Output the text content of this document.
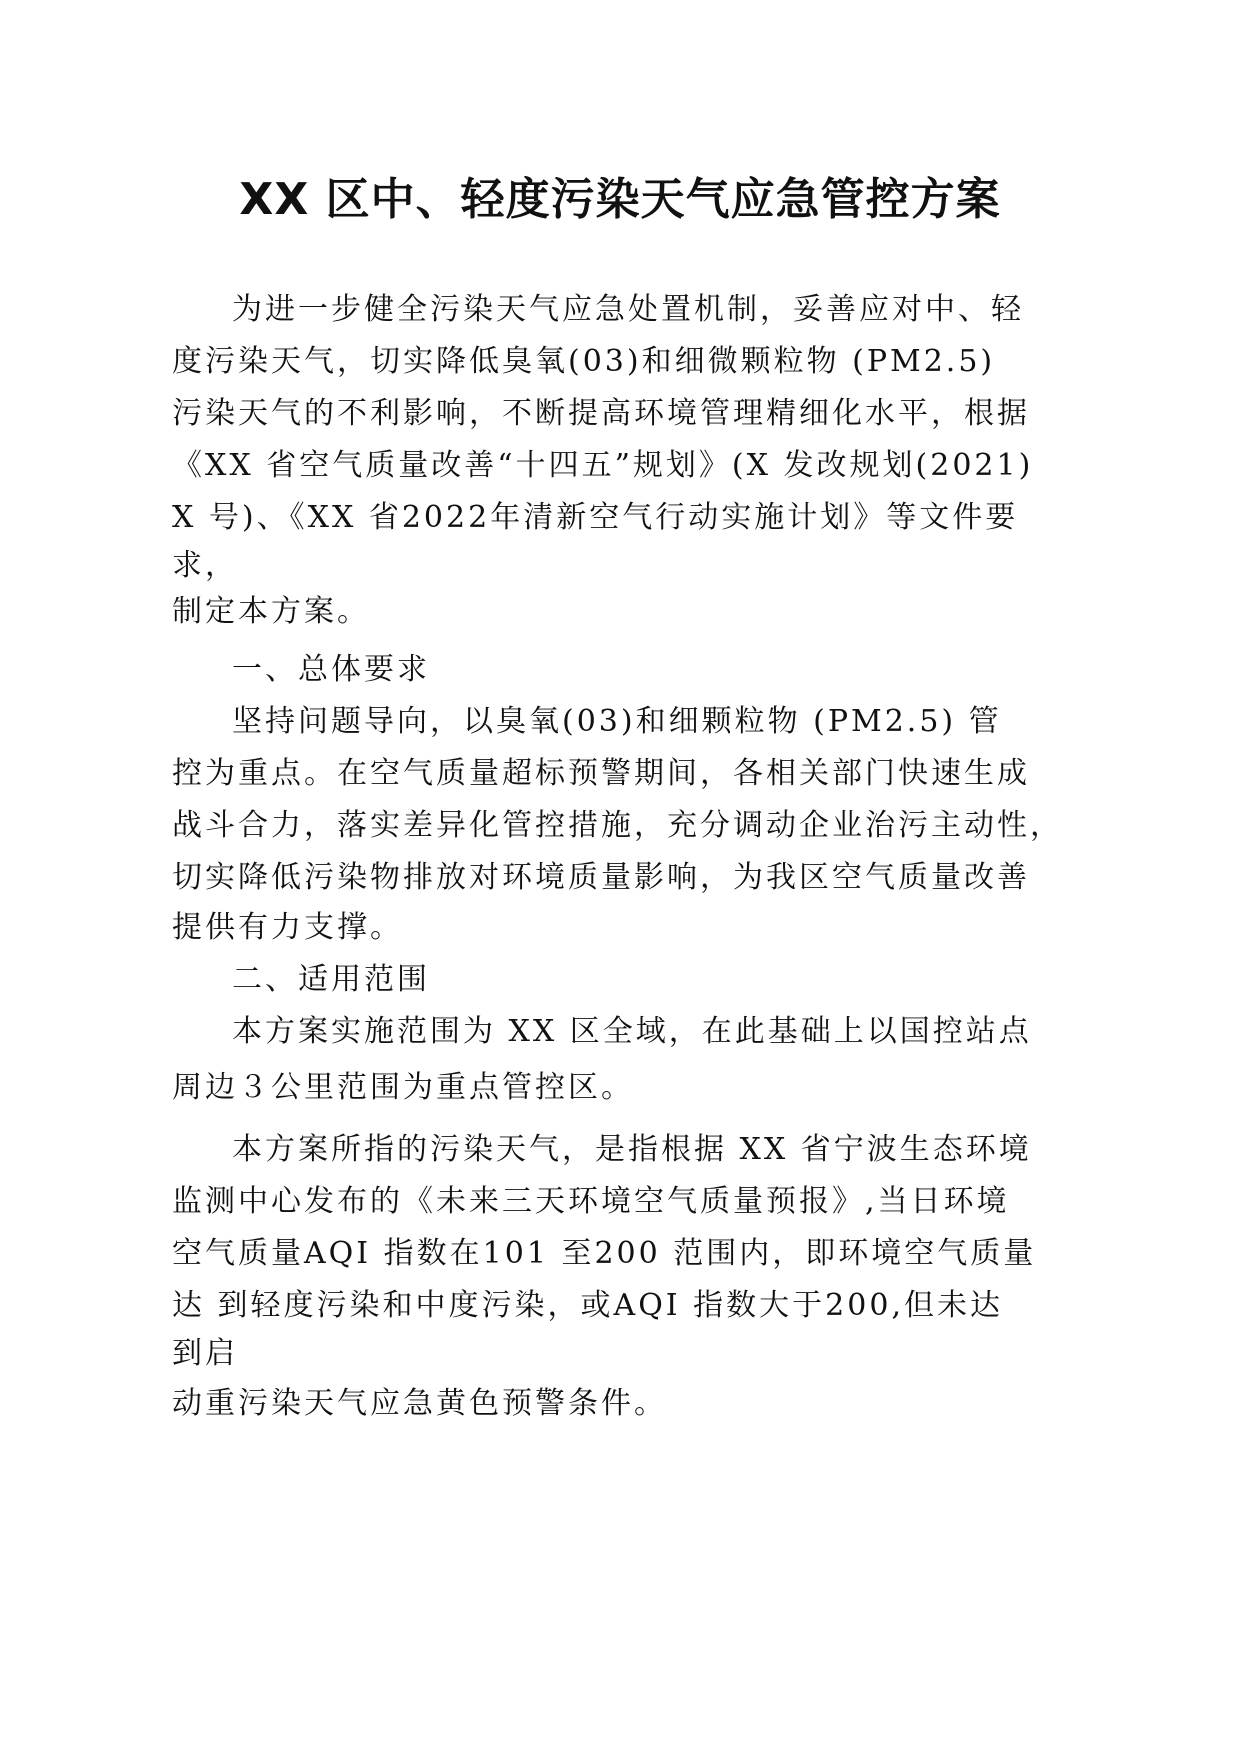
XX 区中、轻度污染天气应急管控方案
为进一步健全污染天气应急处置机制，妥善应对中、轻
度污染天气，切实降低臭氧(03)和细微颗粒物 (PM2.5)
污染天气的不利影响，不断提高环境管理精细化水平，根据
《XX 省空气质量改善“十四五”规划》(X 发改规划(2021)
X 号)、《XX 省2022年清新空气行动实施计划》等文件要
求，
制定本方案。
一、总体要求
坚持问题导向，以臭氧(03)和细颗粒物 (PM2.5) 管
控为重点。在空气质量超标预警期间，各相关部门快速生成
战斗合力，落实差异化管控措施，充分调动企业治污主动性，
切实降低污染物排放对环境质量影响，为我区空气质量改善
提供有力支撑。
二、适用范围
本方案实施范围为 XX 区全域，在此基础上以国控站点
周边３公里范围为重点管控区。
本方案所指的污染天气，是指根据 XX 省宁波生态环境
监测中心发布的《未来三天环境空气质量预报》,当日环境
空气质量AQI 指数在101 至200 范围内，即环境空气质量
达 到轻度污染和中度污染，或AQI 指数大于200,但未达
到启
动重污染天气应急黄色预警条件。
